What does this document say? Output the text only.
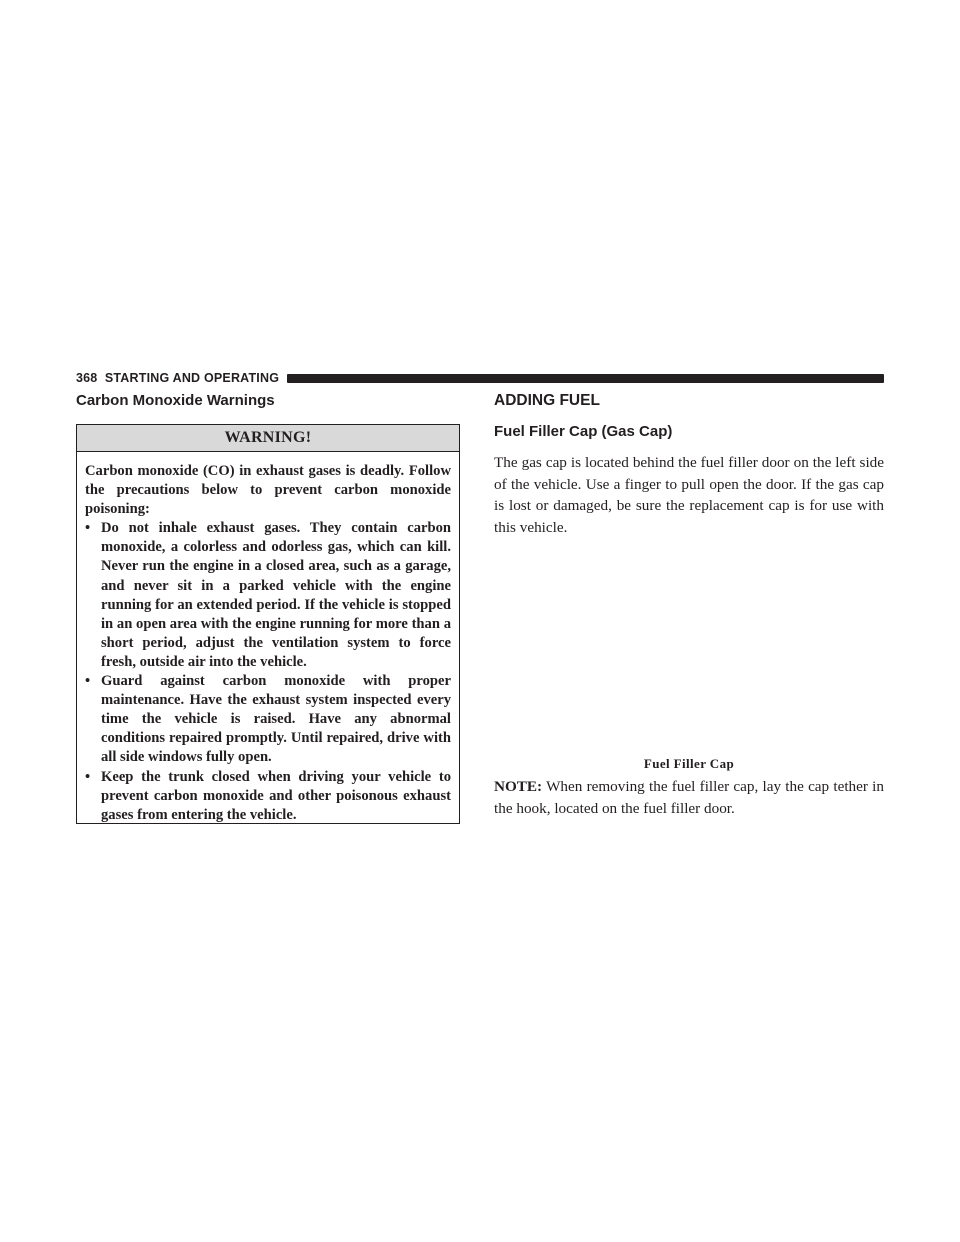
368 STARTING AND OPERATING
Carbon Monoxide Warnings
WARNING!

Carbon monoxide (CO) in exhaust gases is deadly. Follow the precautions below to prevent carbon monoxide poisoning:

• Do not inhale exhaust gases. They contain carbon monoxide, a colorless and odorless gas, which can kill. Never run the engine in a closed area, such as a garage, and never sit in a parked vehicle with the engine running for an extended period. If the vehicle is stopped in an open area with the engine running for more than a short period, adjust the ventilation system to force fresh, outside air into the vehicle.
• Guard against carbon monoxide with proper maintenance. Have the exhaust system inspected every time the vehicle is raised. Have any abnormal conditions repaired promptly. Until repaired, drive with all side windows fully open.
• Keep the trunk closed when driving your vehicle to prevent carbon monoxide and other poisonous exhaust gases from entering the vehicle.
ADDING FUEL
Fuel Filler Cap (Gas Cap)

The gas cap is located behind the fuel filler door on the left side of the vehicle. Use a finger to pull open the door. If the gas cap is lost or damaged, be sure the replacement cap is for use with this vehicle.

Fuel Filler Cap

NOTE: When removing the fuel filler cap, lay the cap tether in the hook, located on the fuel filler door.
